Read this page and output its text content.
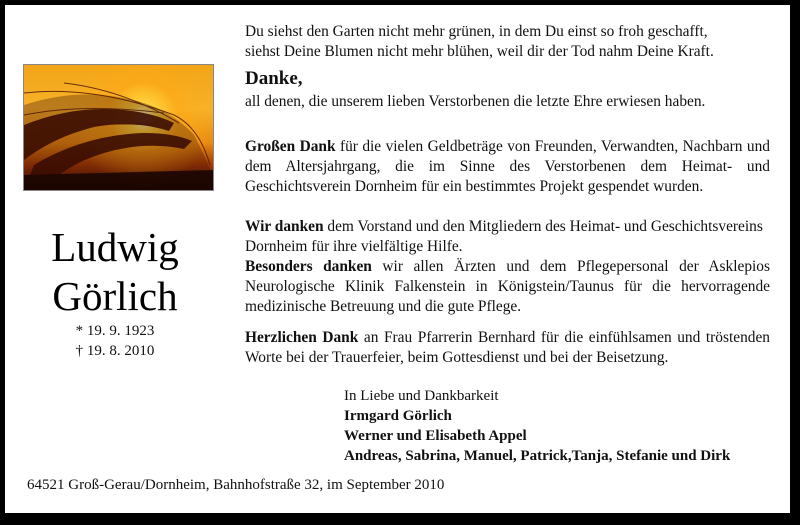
Ludwig
Görlich
* 19. 9. 1923
† 19. 8. 2010
Du siehst den Garten nicht mehr grünen, in dem Du einst so froh geschafft,
siehst Deine Blumen nicht mehr blühen, weil dir der Tod nahm Deine Kraft.
Danke,
all denen, die unserem lieben Verstorbenen die letzte Ehre erwiesen haben.

Großen Dank für die vielen Geldbeträge von Freunden, Verwandten, Nachbarn und dem Altersjahrgang, die im Sinne des Verstorbenen dem Heimat- und Geschichtsverein Dornheim für ein bestimmtes Projekt gespendet wurden.

Wir danken dem Vorstand und den Mitgliedern des Heimat- und Geschichtsvereins Dornheim für ihre vielfältige Hilfe.

Besonders danken wir allen Ärzten und dem Pflegepersonal der Asklepios Neurologische Klinik Falkenstein in Königstein/Taunus für die hervorragende medizinische Betreuung und die gute Pflege.

Herzlichen Dank an Frau Pfarrerin Bernhard für die einfühlsamen und tröstenden Worte bei der Trauerfeier, beim Gottesdienst und bei der Beisetzung.

In Liebe und Dankbarkeit
Irmgard Görlich
Werner und Elisabeth Appel
Andreas, Sabrina, Manuel, Patrick,Tanja, Stefanie und Dirk
64521 Groß-Gerau/Dornheim, Bahnhofstraße 32, im September 2010
